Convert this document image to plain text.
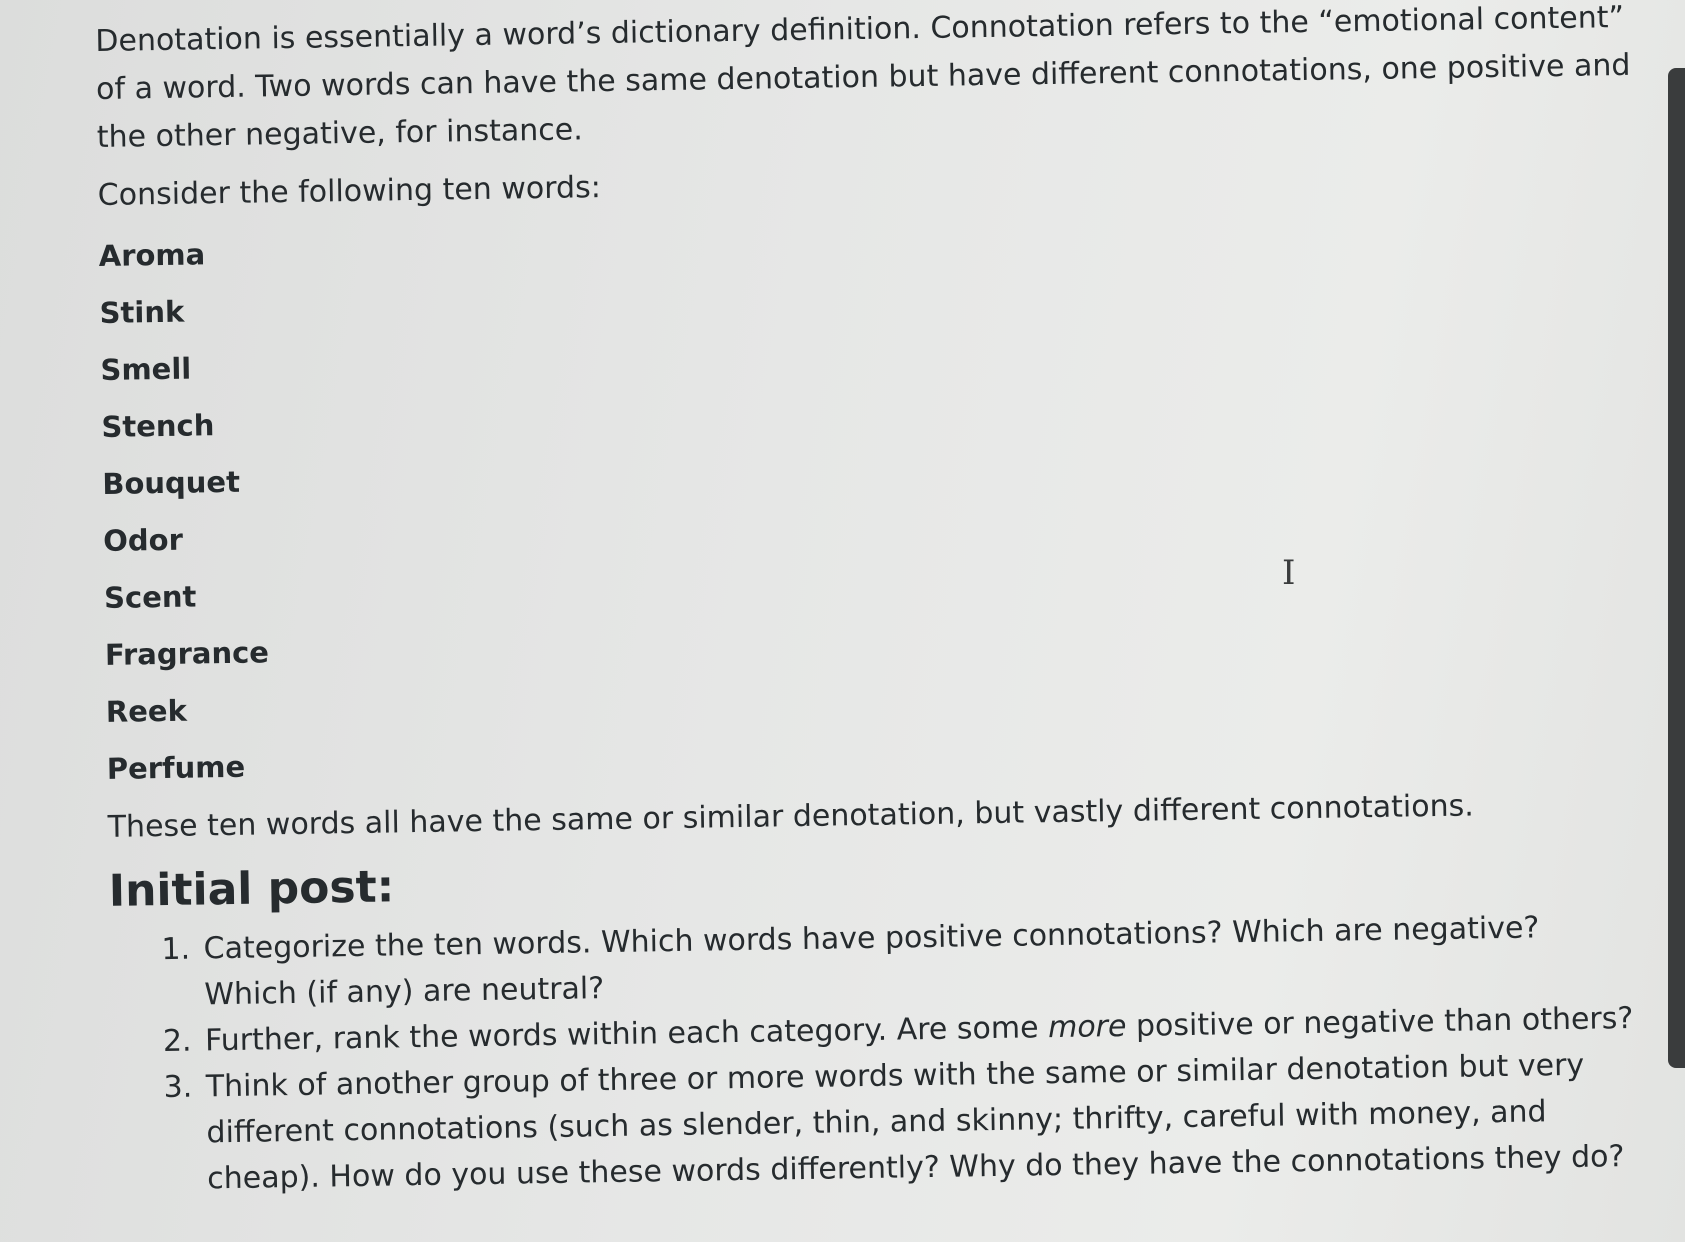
Denotation is essentially a word’s dictionary definition. Connotation refers to the “emotional content” of a word. Two words can have the same denotation but have different connotations, one positive and the other negative, for instance.

Consider the following ten words:

Aroma
Stink
Smell
Stench
Bouquet
Odor
Scent
Fragrance
Reek
Perfume

These ten words all have the same or similar denotation, but vastly different connotations.

Initial post:
1. Categorize the ten words. Which words have positive connotations? Which are negative? Which (if any) are neutral?
2. Further, rank the words within each category. Are some more positive or negative than others?
3. Think of another group of three or more words with the same or similar denotation but very different connotations (such as slender, thin, and skinny; thrifty, careful with money, and cheap). How do you use these words differently? Why do they have the connotations they do?
I
